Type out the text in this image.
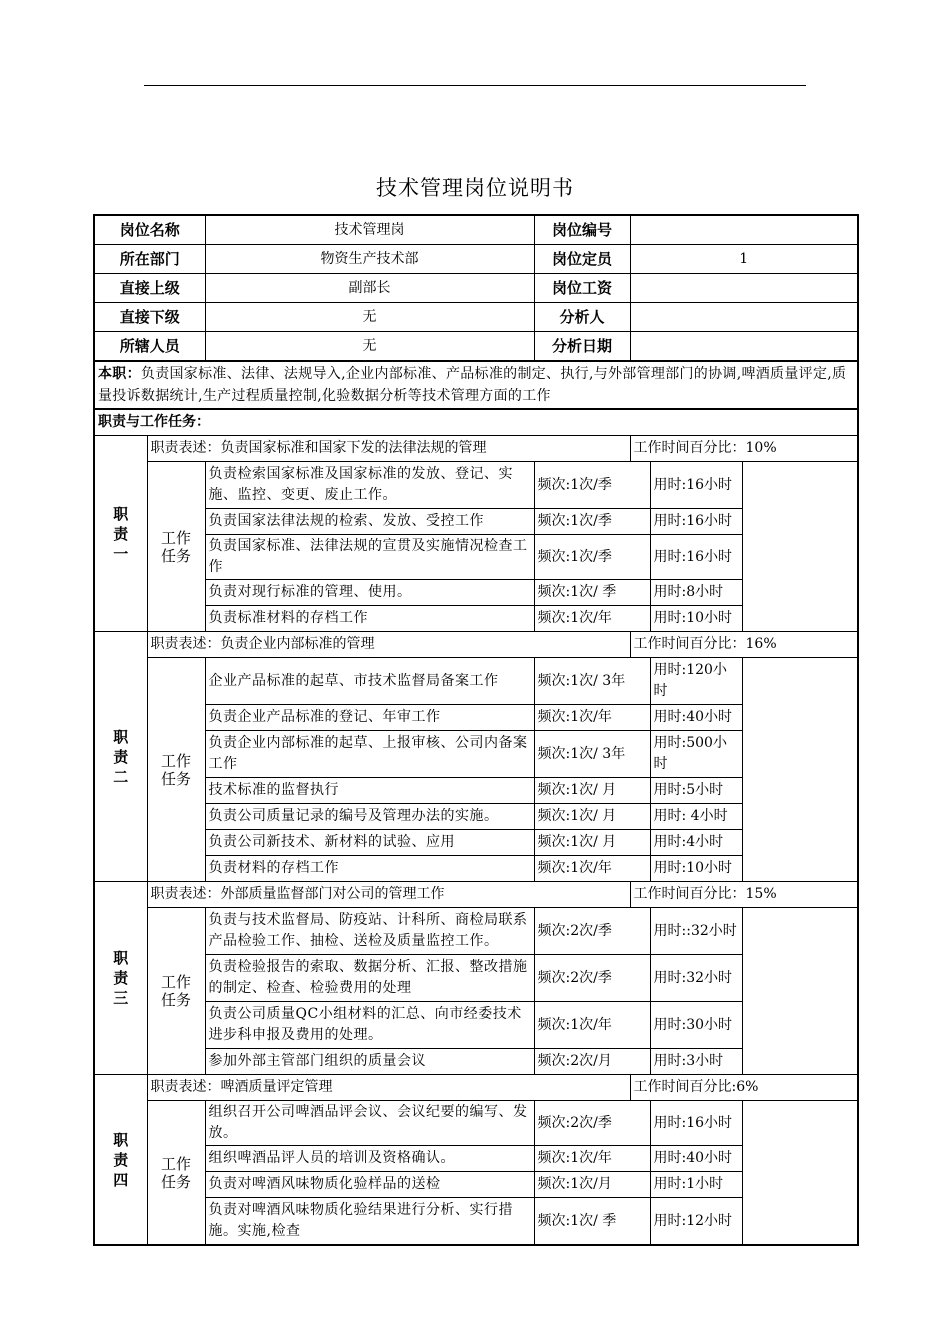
技术管理岗位说明书
岗位名称		技术管理岗	岗位编号		
所在部门		物资生产技术部	岗位定员	1	
直接上级		副部长	岗位工资		
直接下级		无	分析人		
所辖人员		无	分析日期		
本职：负责国家标准、法律、法规导入,企业内部标准、产品标准的制定、执行,与外部管理部门的协调,啤酒质量评定,质量投诉数据统计,生产过程质量控制,化验数据分析等技术管理方面的工作					
职责与工作任务：					

职
责
一	职责表述：负责国家标准和国家下发的法律法规的管理			工作时间百分比：10%	

	工作
任务	负责检索国家标准及国家标准的发放、登记、实施、监控、变更、废止工作。	频次:1次/季		用时:16小时
		负责国家法律法规的检索、发放、受控工作	频次:1次/季		用时:16小时
		负责国家标准、法律法规的宣贯及实施情况检查工作	频次:1次/季		用时:16小时
		负责对现行标准的管理、使用。	频次:1次/ 季		用时:8小时
		负责标准材料的存档工作	频次:1次/年		用时:10小时

职
责
二	职责表述：负责企业内部标准的管理			工作时间百分比：16%	

	工作
任务	企业产品标准的起草、市技术监督局备案工作	频次:1次/ 3年		用时:120小时
		负责企业产品标准的登记、年审工作	频次:1次/年		用时:40小时
		负责企业内部标准的起草、上报审核、公司内备案工作	频次:1次/ 3年		用时:500小时
		技术标准的监督执行	频次:1次/ 月		用时:5小时
		负责公司质量记录的编号及管理办法的实施。	频次:1次/ 月		用时: 4小时
		负责公司新技术、新材料的试验、应用	频次:1次/ 月		用时:4小时
		负责材料的存档工作	频次:1次/年		用时:10小时

职
责
三	职责表述：外部质量监督部门对公司的管理工作			工作时间百分比：15%	

	工作
任务	负责与技术监督局、防疫站、计科所、商检局联系产品检验工作、抽检、送检及质量监控工作。	频次:2次/季		用时::32小时
		负责检验报告的索取、数据分析、汇报、整改措施的制定、检查、检验费用的处理	频次:2次/季		用时:32小时
		负责公司质量QC小组材料的汇总、向市经委技术进步科申报及费用的处理。	频次:1次/年		用时:30小时
		参加外部主管部门组织的质量会议	频次:2次/月		用时:3小时

职
责
四	职责表述：啤酒质量评定管理			工作时间百分比:6%	

	工作
任务	组织召开公司啤酒品评会议、会议纪要的编写、发放。	频次:2次/季		用时:16小时
		组织啤酒品评人员的培训及资格确认。	频次:1次/年		用时:40小时
		负责对啤酒风味物质化验样品的送检	频次:1次/月		用时:1小时
		负责对啤酒风味物质化验结果进行分析、实行措施。实施,检查	频次:1次/ 季		用时:12小时
